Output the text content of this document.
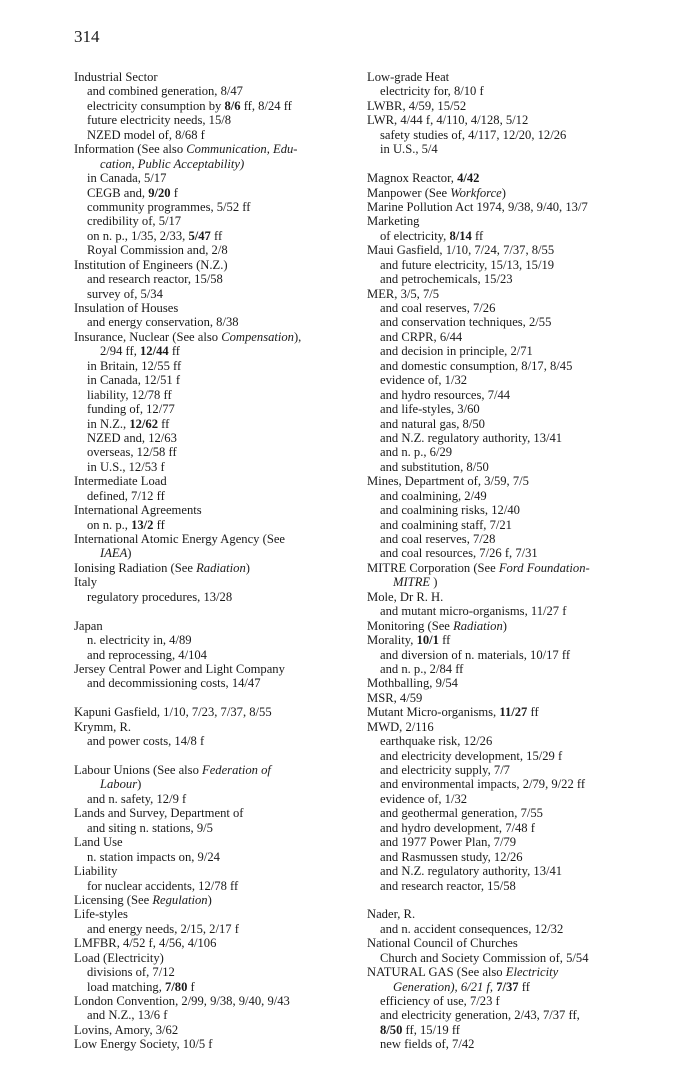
314
Industrial Sector
and combined generation, 8/47
electricity consumption by 8/6 ff, 8/24 ff
future electricity needs, 15/8
NZED model of, 8/68 f
Information (See also Communication, Edu-
cation, Public Acceptability)
in Canada, 5/17
CEGB and, 9/20 f
community programmes, 5/52 ff
credibility of, 5/17
on n. p., 1/35, 2/33, 5/47 ff
Royal Commission and, 2/8
Institution of Engineers (N.Z.)
and research reactor, 15/58
survey of, 5/34
Insulation of Houses
and energy conservation, 8/38
Insurance, Nuclear (See also Compensation),
2/94 ff, 12/44 ff
in Britain, 12/55 ff
in Canada, 12/51 f
liability, 12/78 ff
funding of, 12/77
in N.Z., 12/62 ff
NZED and, 12/63
overseas, 12/58 ff
in U.S., 12/53 f
Intermediate Load
defined, 7/12 ff
International Agreements
on n. p., 13/2 ff
International Atomic Energy Agency (See
IAEA)
Ionising Radiation (See Radiation)
Italy
regulatory procedures, 13/28
Japan
n. electricity in, 4/89
and reprocessing, 4/104
Jersey Central Power and Light Company
and decommissioning costs, 14/47
Kapuni Gasfield, 1/10, 7/23, 7/37, 8/55
Krymm, R.
and power costs, 14/8 f
Labour Unions (See also Federation of
Labour)
and n. safety, 12/9 f
Lands and Survey, Department of
and siting n. stations, 9/5
Land Use
n. station impacts on, 9/24
Liability
for nuclear accidents, 12/78 ff
Licensing (See Regulation)
Life-styles
and energy needs, 2/15, 2/17 f
LMFBR, 4/52 f, 4/56, 4/106
Load (Electricity)
divisions of, 7/12
load matching, 7/80 f
London Convention, 2/99, 9/38, 9/40, 9/43
and N.Z., 13/6 f
Lovins, Amory, 3/62
Low Energy Society, 10/5 f
Low-grade Heat
electricity for, 8/10 f
LWBR, 4/59, 15/52
LWR, 4/44 f, 4/110, 4/128, 5/12
safety studies of, 4/117, 12/20, 12/26
in U.S., 5/4
Magnox Reactor, 4/42
Manpower (See Workforce)
Marine Pollution Act 1974, 9/38, 9/40, 13/7
Marketing
of electricity, 8/14 ff
Maui Gasfield, 1/10, 7/24, 7/37, 8/55
and future electricity, 15/13, 15/19
and petrochemicals, 15/23
MER, 3/5, 7/5
and coal reserves, 7/26
and conservation techniques, 2/55
and CRPR, 6/44
and decision in principle, 2/71
and domestic consumption, 8/17, 8/45
evidence of, 1/32
and hydro resources, 7/44
and life-styles, 3/60
and natural gas, 8/50
and N.Z. regulatory authority, 13/41
and n. p., 6/29
and substitution, 8/50
Mines, Department of, 3/59, 7/5
and coalmining, 2/49
and coalmining risks, 12/40
and coalmining staff, 7/21
and coal reserves, 7/28
and coal resources, 7/26 f, 7/31
MITRE Corporation (See Ford Foundation-
MITRE )
Mole, Dr R. H.
and mutant micro-organisms, 11/27 f
Monitoring (See Radiation)
Morality, 10/1 ff
and diversion of n. materials, 10/17 ff
and n. p., 2/84 ff
Mothballing, 9/54
MSR, 4/59
Mutant Micro-organisms, 11/27 ff
MWD, 2/116
earthquake risk, 12/26
and electricity development, 15/29 f
and electricity supply, 7/7
and environmental impacts, 2/79, 9/22 ff
evidence of, 1/32
and geothermal generation, 7/55
and hydro development, 7/48 f
and 1977 Power Plan, 7/79
and Rasmussen study, 12/26
and N.Z. regulatory authority, 13/41
and research reactor, 15/58
Nader, R.
and n. accident consequences, 12/32
National Council of Churches
Church and Society Commission of, 5/54
NATURAL GAS (See also Electricity
Generation), 6/21 f, 7/37 ff
efficiency of use, 7/23 f
and electricity generation, 2/43, 7/37 ff,
8/50 ff, 15/19 ff
new fields of, 7/42
